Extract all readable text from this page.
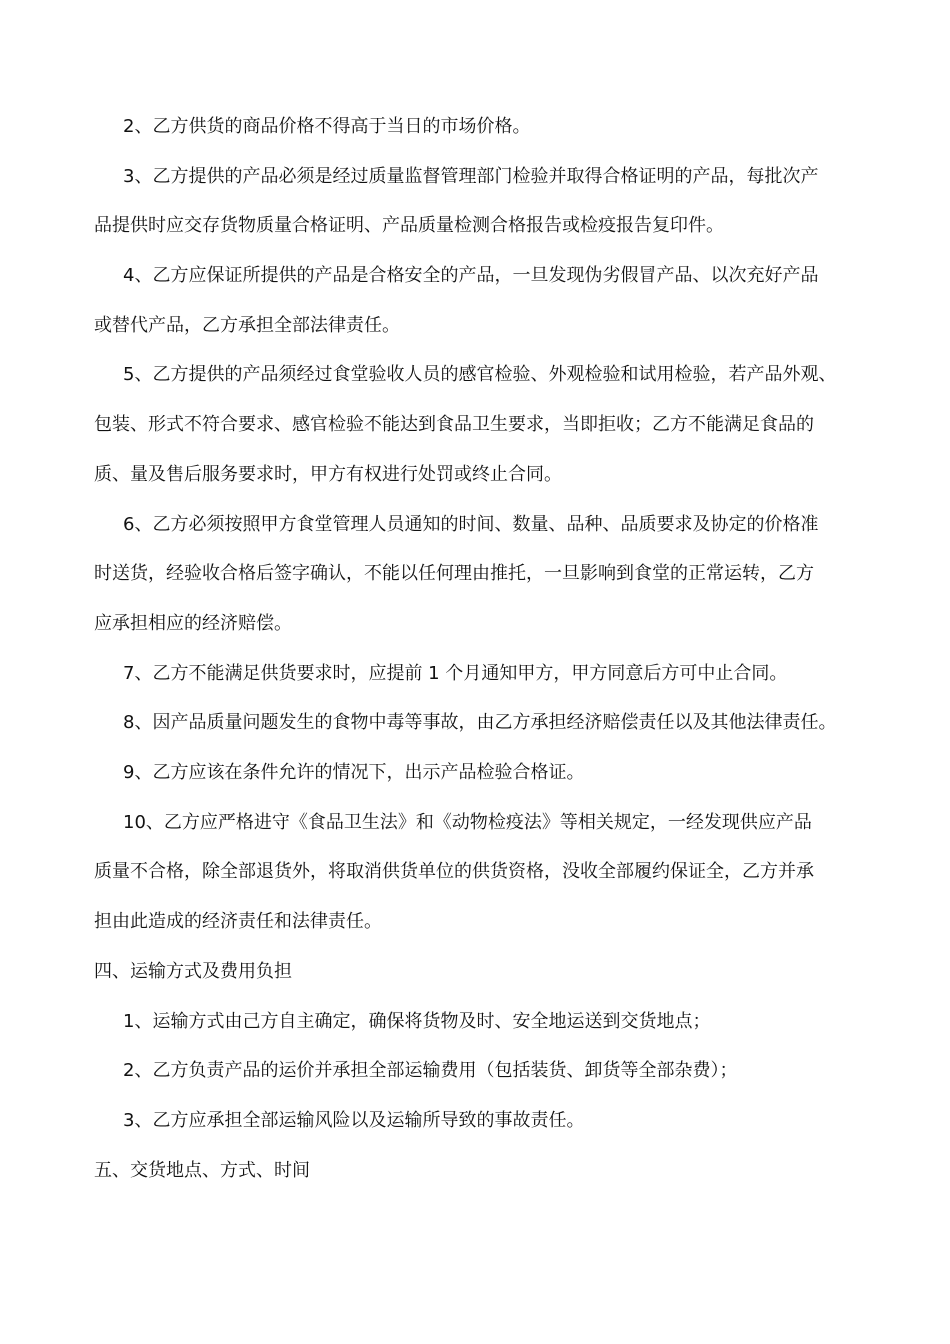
2、乙方供货的商品价格不得高于当日的市场价格。
3、乙方提供的产品必须是经过质量监督管理部门检验并取得合格证明的产品，每批次产
品提供时应交存货物质量合格证明、产品质量检测合格报告或检疫报告复印件。
4、乙方应保证所提供的产品是合格安全的产品，一旦发现伪劣假冒产品、以次充好产品
或替代产品，乙方承担全部法律责任。
5、乙方提供的产品须经过食堂验收人员的感官检验、外观检验和试用检验，若产品外观、
包装、形式不符合要求、感官检验不能达到食品卫生要求，当即拒收；乙方不能满足食品的
质、量及售后服务要求时，甲方有权进行处罚或终止合同。
6、乙方必须按照甲方食堂管理人员通知的时间、数量、品种、品质要求及协定的价格准
时送货，经验收合格后签字确认，不能以任何理由推托，一旦影响到食堂的正常运转，乙方
应承担相应的经济赔偿。
7、乙方不能满足供货要求时，应提前 1 个月通知甲方，甲方同意后方可中止合同。
8、因产品质量问题发生的食物中毒等事故，由乙方承担经济赔偿责任以及其他法律责任。
9、乙方应该在条件允许的情况下，出示产品检验合格证。
10、乙方应严格进守《食品卫生法》和《动物检疫法》等相关规定，一经发现供应产品
质量不合格，除全部退货外，将取消供货单位的供货资格，没收全部履约保证全，乙方并承
担由此造成的经济责任和法律责任。
四、运输方式及费用负担
1、运输方式由己方自主确定，确保将货物及时、安全地运送到交货地点；
2、乙方负责产品的运价并承担全部运输费用（包括装货、卸货等全部杂费）；
3、乙方应承担全部运输风险以及运输所导致的事故责任。
五、交货地点、方式、时间
